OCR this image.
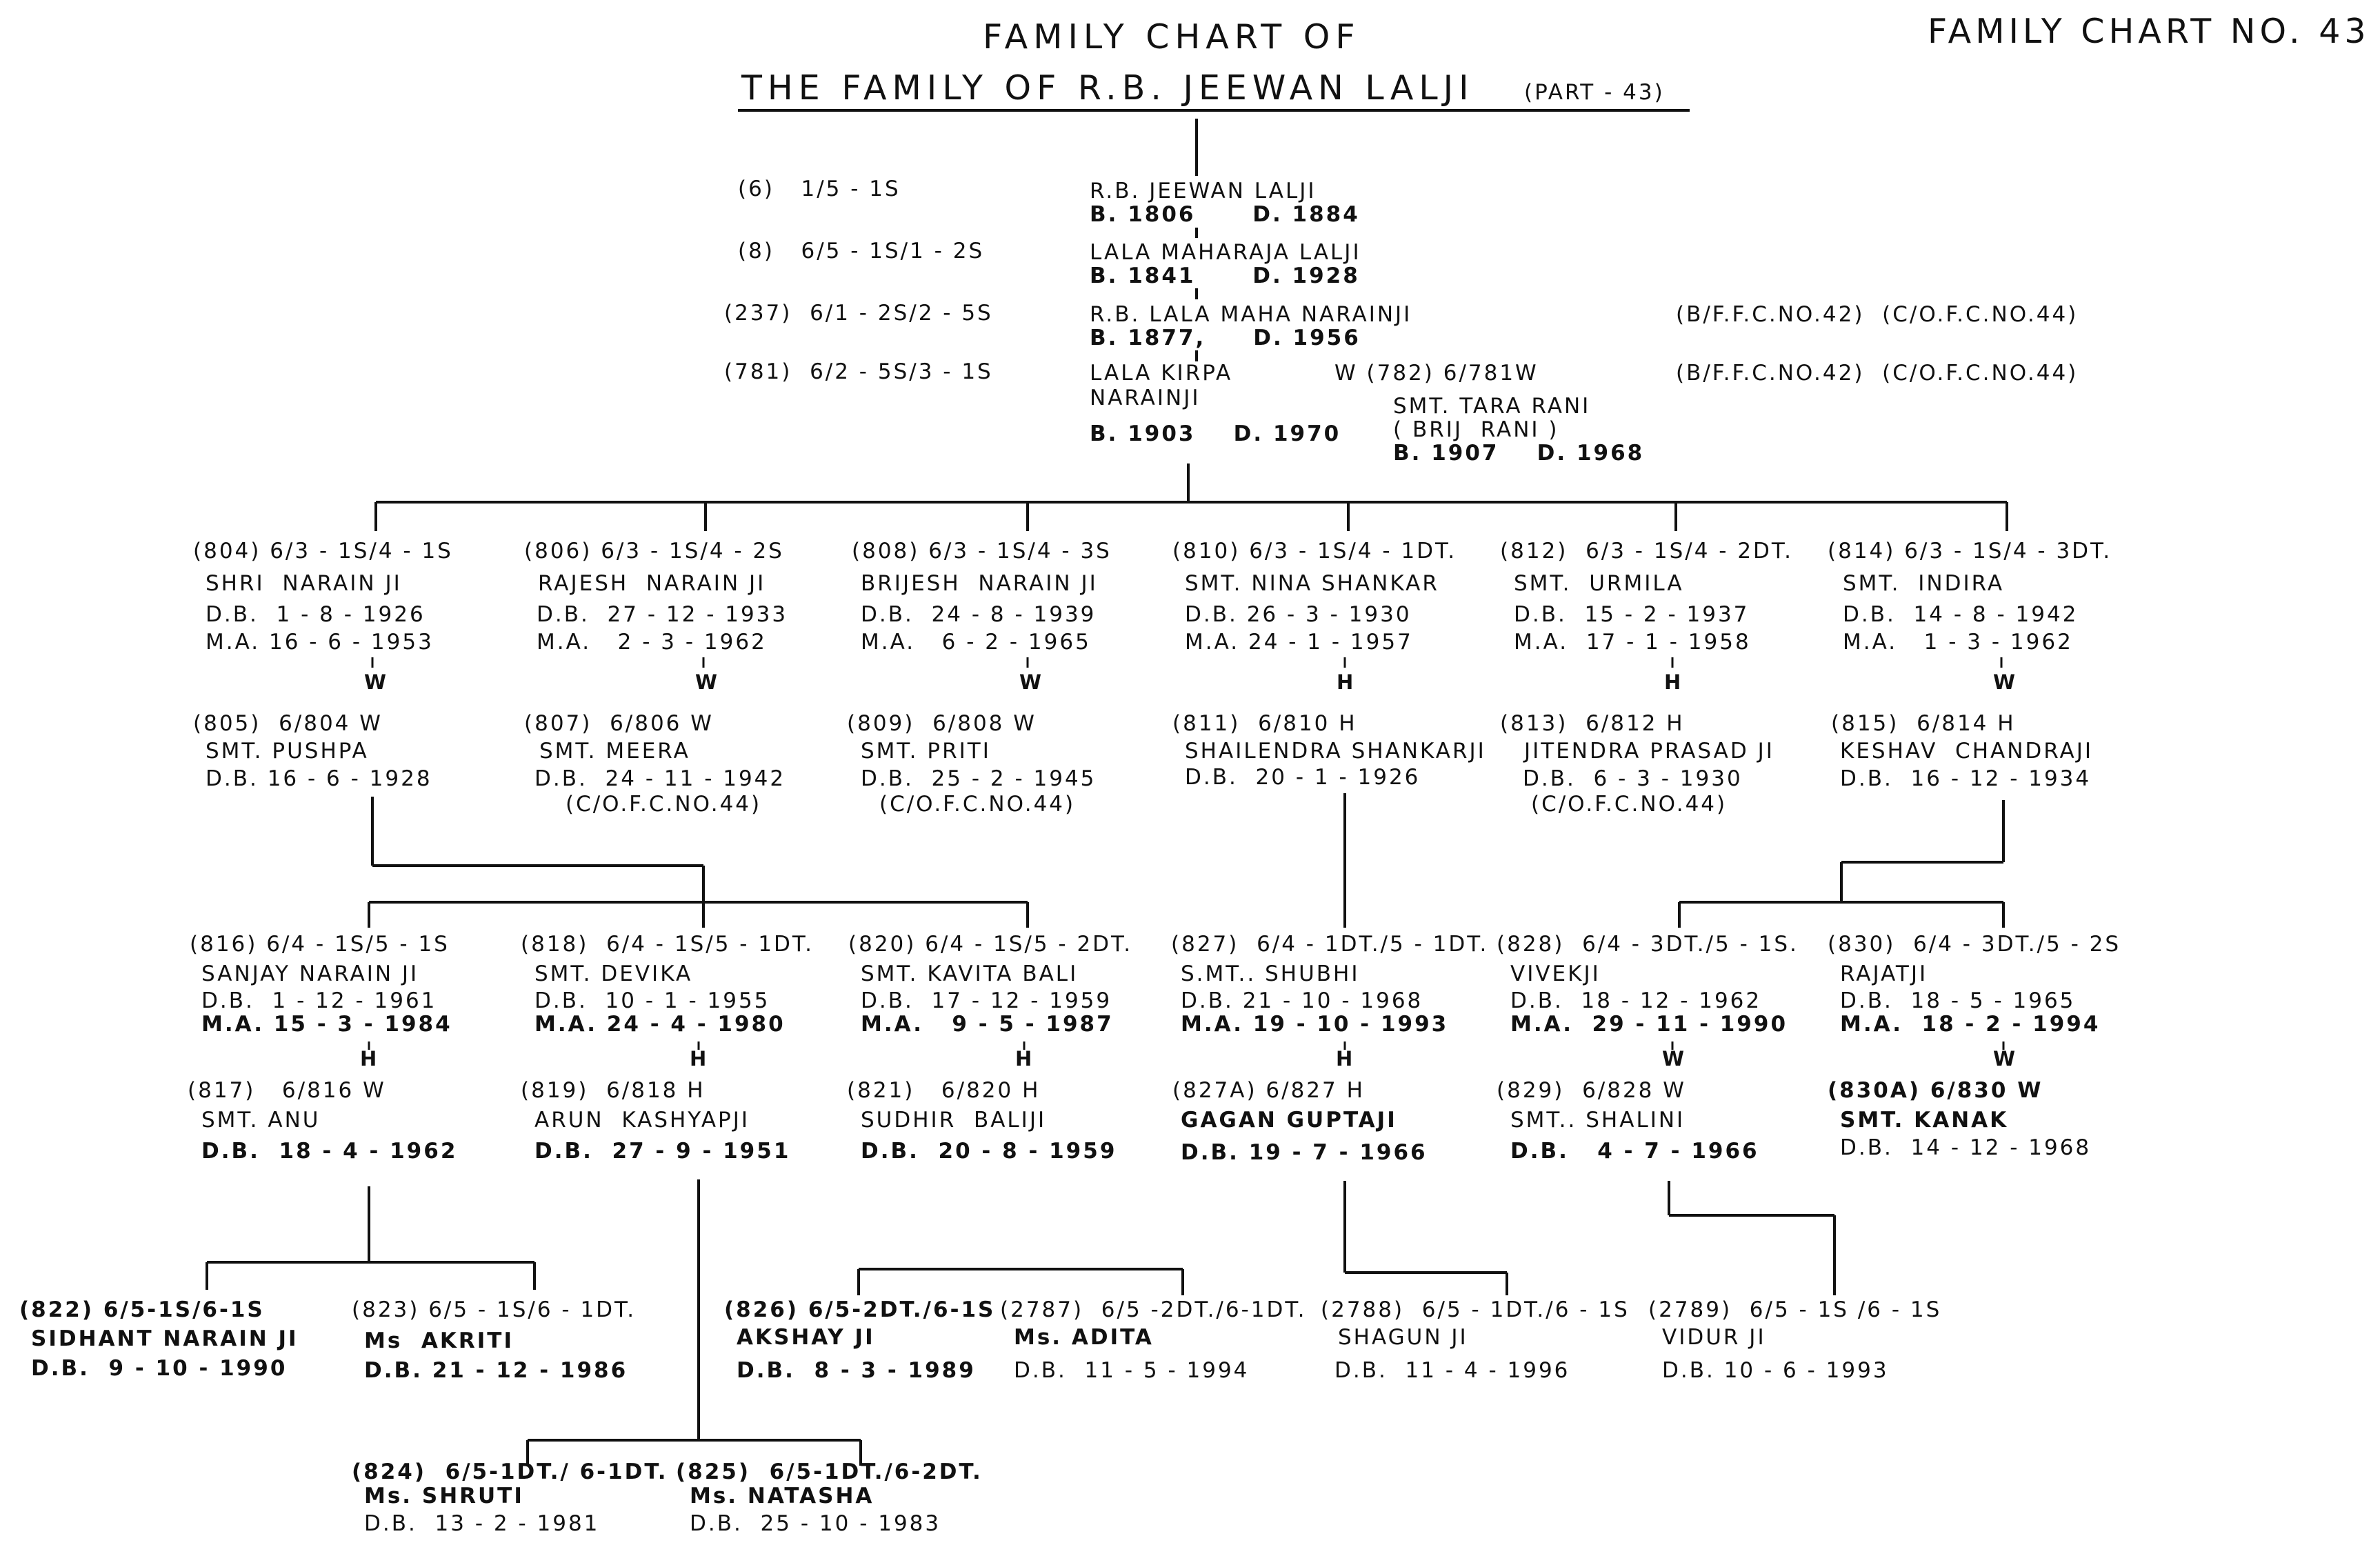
FAMILY CHART OF
THE FAMILY OF R.B. JEEWAN LALJI (PART - 43)
FAMILY CHART NO. 43
(6)   1/5 - 1S	R.B. JEEWAN LALJI
B. 1806      D. 1884
(8)   6/5 - 1S/1 - 2S	LALA MAHARAJA LALJI
B. 1841      D. 1928
(237)  6/1 - 2S/2 - 5S	R.B. LALA MAHA NARAINJI
B. 1877,     D. 1956
(B/F.F.C.NO.42)  (C/O.F.C.NO.44)
(781)  6/2 - 5S/3 - 1S	LALA KIRPA
NARAINJI
B. 1903    D. 1970
(B/F.F.C.NO.42)  (C/O.F.C.NO.44)
W (782) 6/781W
SMT. TARA RANI
( BRIJ  RANI )
B. 1907    D. 1968
(804) 6/3 - 1S/4 - 1S
SHRI  NARAIN JI
D.B.  1 - 8 - 1926
M.A. 16 - 6 - 1953
W
(805)  6/804 W
SMT. PUSHPA
D.B. 16 - 6 - 1928
(806) 6/3 - 1S/4 - 2S
RAJESH  NARAIN JI
D.B.  27 - 12 - 1933
M.A.   2 - 3 - 1962
W
(807)  6/806 W
SMT. MEERA
D.B.  24 - 11 - 1942
(C/O.F.C.NO.44)
(808) 6/3 - 1S/4 - 3S
BRIJESH  NARAIN JI
D.B.  24 - 8 - 1939
M.A.   6 - 2 - 1965
W
(809)  6/808 W
SMT. PRITI
D.B.  25 - 2 - 1945
(C/O.F.C.NO.44)
(810) 6/3 - 1S/4 - 1DT.
SMT. NINA SHANKAR
D.B. 26 - 3 - 1930
M.A. 24 - 1 - 1957
H
(811)  6/810 H
SHAILENDRA SHANKARJI
D.B.  20 - 1 - 1926
(812)  6/3 - 1S/4 - 2DT.
SMT.  URMILA
D.B.  15 - 2 - 1937
M.A.  17 - 1 - 1958
H
(813)  6/812 H
JITENDRA PRASAD JI
D.B.  6 - 3 - 1930
(C/O.F.C.NO.44)
(814) 6/3 - 1S/4 - 3DT.
SMT.  INDIRA
D.B.  14 - 8 - 1942
M.A.   1 - 3 - 1962
W
(815)  6/814 H
KESHAV  CHANDRAJI
D.B.  16 - 12 - 1934
(816) 6/4 - 1S/5 - 1S
SANJAY NARAIN JI
D.B.  1 - 12 - 1961
M.A. 15 - 3 - 1984
H
(817)   6/816 W
SMT. ANU
D.B.  18 - 4 - 1962
(818)  6/4 - 1S/5 - 1DT.
SMT. DEVIKA
D.B.  10 - 1 - 1955
M.A. 24 - 4 - 1980
H
(819)  6/818 H
ARUN  KASHYAPJI
D.B.  27 - 9 - 1951
(820) 6/4 - 1S/5 - 2DT.
SMT. KAVITA BALI
D.B.  17 - 12 - 1959
M.A.   9 - 5 - 1987
H
(821)   6/820 H
SUDHIR  BALIJI
D.B.  20 - 8 - 1959
(827)  6/4 - 1DT./5 - 1DT.
S.MT.. SHUBHI
D.B. 21 - 10 - 1968
M.A. 19 - 10 - 1993
H
(827A) 6/827 H
GAGAN GUPTAJI
D.B. 19 - 7 - 1966
(828)  6/4 - 3DT./5 - 1S.
VIVEKJI
D.B.  18 - 12 - 1962
M.A.  29 - 11 - 1990
W
(829)  6/828 W
SMT.. SHALINI
D.B.   4 - 7 - 1966
(830)  6/4 - 3DT./5 - 2S
RAJATJI
D.B.  18 - 5 - 1965
M.A.  18 - 2 - 1994
W
(830A) 6/830 W
SMT. KANAK
D.B.  14 - 12 - 1968
(822) 6/5-1S/6-1S
SIDHANT NARAIN JI
D.B.  9 - 10 - 1990
(823) 6/5 - 1S/6 - 1DT.
Ms  AKRITI
D.B. 21 - 12 - 1986
(826) 6/5-2DT./6-1S
AKSHAY JI
D.B.  8 - 3 - 1989
(2787)  6/5 -2DT./6-1DT.
Ms. ADITA
D.B.  11 - 5 - 1994
(2788)  6/5 - 1DT./6 - 1S
SHAGUN JI
D.B.  11 - 4 - 1996
(2789)  6/5 - 1S /6 - 1S
VIDUR JI
D.B. 10 - 6 - 1993
(824)  6/5-1DT./ 6-1DT.
Ms. SHRUTI
D.B.  13 - 2 - 1981
(825)  6/5-1DT./6-2DT.
Ms. NATASHA
D.B.  25 - 10 - 1983
